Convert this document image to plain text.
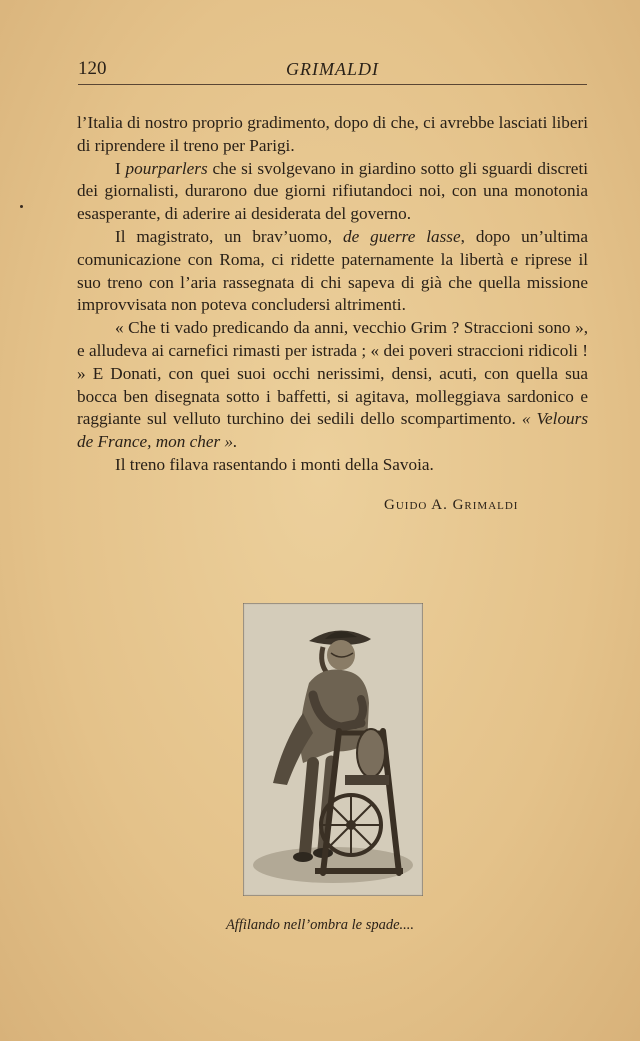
120	GRIMALDI

l’Italia di nostro proprio gradimento, dopo di che, ci avrebbe lasciati liberi di riprendere il treno per Parigi.

I pourparlers che si svolgevano in giardino sotto gli sguardi discreti dei giornalisti, durarono due giorni rifiutandoci noi, con una monotonia esasperante, di aderire ai desiderata del governo.

Il magistrato, un brav’uomo, de guerre lasse, dopo un’ultima comunicazione con Roma, ci ridette paternamente la libertà e riprese il suo treno con l’aria rassegnata di chi sapeva di già che quella missione improvvisata non poteva concludersi altrimenti.

« Che ti vado predicando da anni, vecchio Grim ? Straccioni sono », e alludeva ai carnefici rimasti per istrada ; « dei poveri straccioni ridicoli ! » E Donati, con quei suoi occhi nerissimi, densi, acuti, con quella sua bocca ben disegnata sotto i baffetti, si agitava, molleggiava sardonico e raggiante sul velluto turchino dei sedili dello scompartimento. « Velours de France, mon cher ».

Il treno filava rasentando i monti della Savoia.

Guido A. Grimaldi
Affilando nell’ombra le spade....
